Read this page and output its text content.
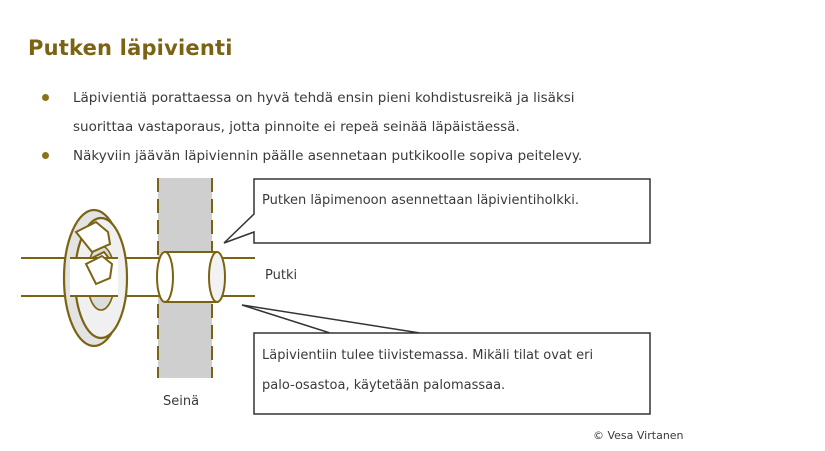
Putken läpivienti
Läpivientiä porattaessa on hyvä tehdä ensin pieni kohdistusreikä ja lisäksi
suorittaa vastaporaus, jotta pinnoite ei repeä seinää läpäistäessä.
Näkyviin jäävän läpiviennin päälle asennetaan putkikoolle sopiva peitelevy.
Putken läpimenoon asennettaan läpivientiholkki.
Läpivientiin tulee tiivistemassa. Mikäli tilat ovat eri
palo-osastoa, käytetään palomassaa.
Putki
Seinä
© Vesa Virtanen
